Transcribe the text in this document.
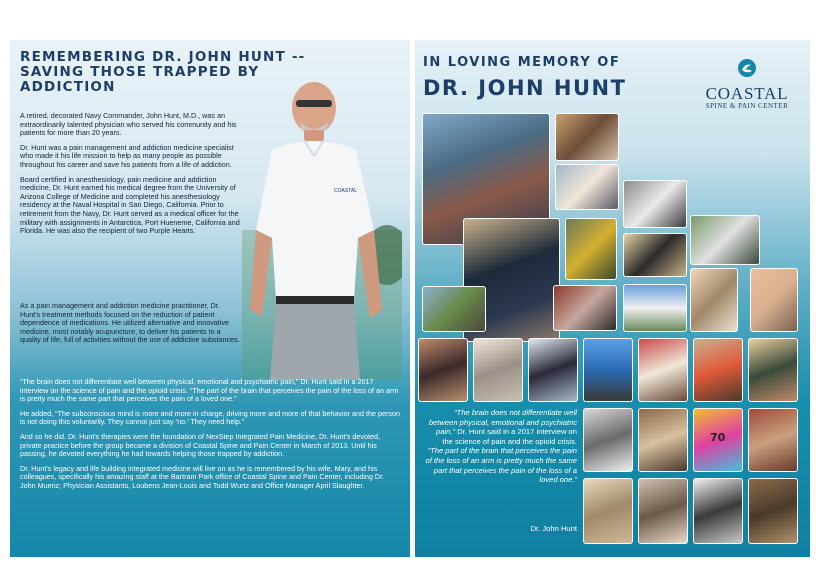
REMEMBERING DR. JOHN HUNT -- SAVING THOSE TRAPPED BY ADDICTION
COASTAL

A retired, decorated Navy Commander, John Hunt, M.D., was an extraordinarily talented physician who served his community and his patients for more than 20 years.

Dr. Hunt was a pain management and addiction medicine specialist who made it his life mission to help as many people as possible throughout his career and save his patients from a life of addiction.

Board certified in anesthesiology, pain medicine and addiction medicine, Dr. Hunt earned his medical degree from the University of Arizona College of Medicine and completed his anesthesiology residency at the Naval Hospital in San Diego, California. Prior to retirement from the Navy, Dr. Hunt served as a medical officer for the military with assignments in Antarctica, Port Hueneme, California and Florida. He was also the recipient of two Purple Hearts.

As a pain management and addiction medicine practitioner, Dr. Hunt's treatment methods focused on the reduction of patient dependence of medications. He utilized alternative and innovative medicine, most notably acupuncture, to deliver his patients to a quality of life, full of activities without the use of addictive substances.

“The brain does not differentiate well between physical, emotional and psychiatric pain,” Dr. Hunt said in a 2017 interview on the science of pain and the opioid crisis. “The part of the brain that perceives the pain of the loss of an arm is pretty much the same part that perceives the pain of a loved one.”

He added, “The subconscious mind is more and more in charge, driving more and more of that behavior and the person is not doing this voluntarily. They cannot just say ‘no.’ They need help.”

And so he did. Dr. Hunt's therapies were the foundation of NexStep Integrated Pain Medicine, Dr. Hunt's devoted, private practice before the group became a division of Coastal Spine and Pain Center in March of 2013. Until his passing, he devoted everything he had towards helping those trapped by addiction.

Dr. Hunt's legacy and life building integrated medicine will live on as he is remembered by his wife, Mary, and his colleagues, specifically his amazing staff at the Bartram Park office of Coastal Spine and Pain Center, including Dr. John Muenz; Physician Assistants, Loubens Jean-Louis and Todd Wurtz and Office Manager April Slaughter.

IN LOVING MEMORY OF
DR. JOHN HUNT	COASTAL
SPINE & PAIN CENTER
70
“The brain does not differentiate well between physical, emotional and psychiatric pain,” Dr. Hunt said in a 2017 interview on the science of pain and the opioid crisis. “The part of the brain that perceives the pain of the loss of an arm is pretty much the same part that perceives the pain of the loss of a loved one.”
Dr. John Hunt
